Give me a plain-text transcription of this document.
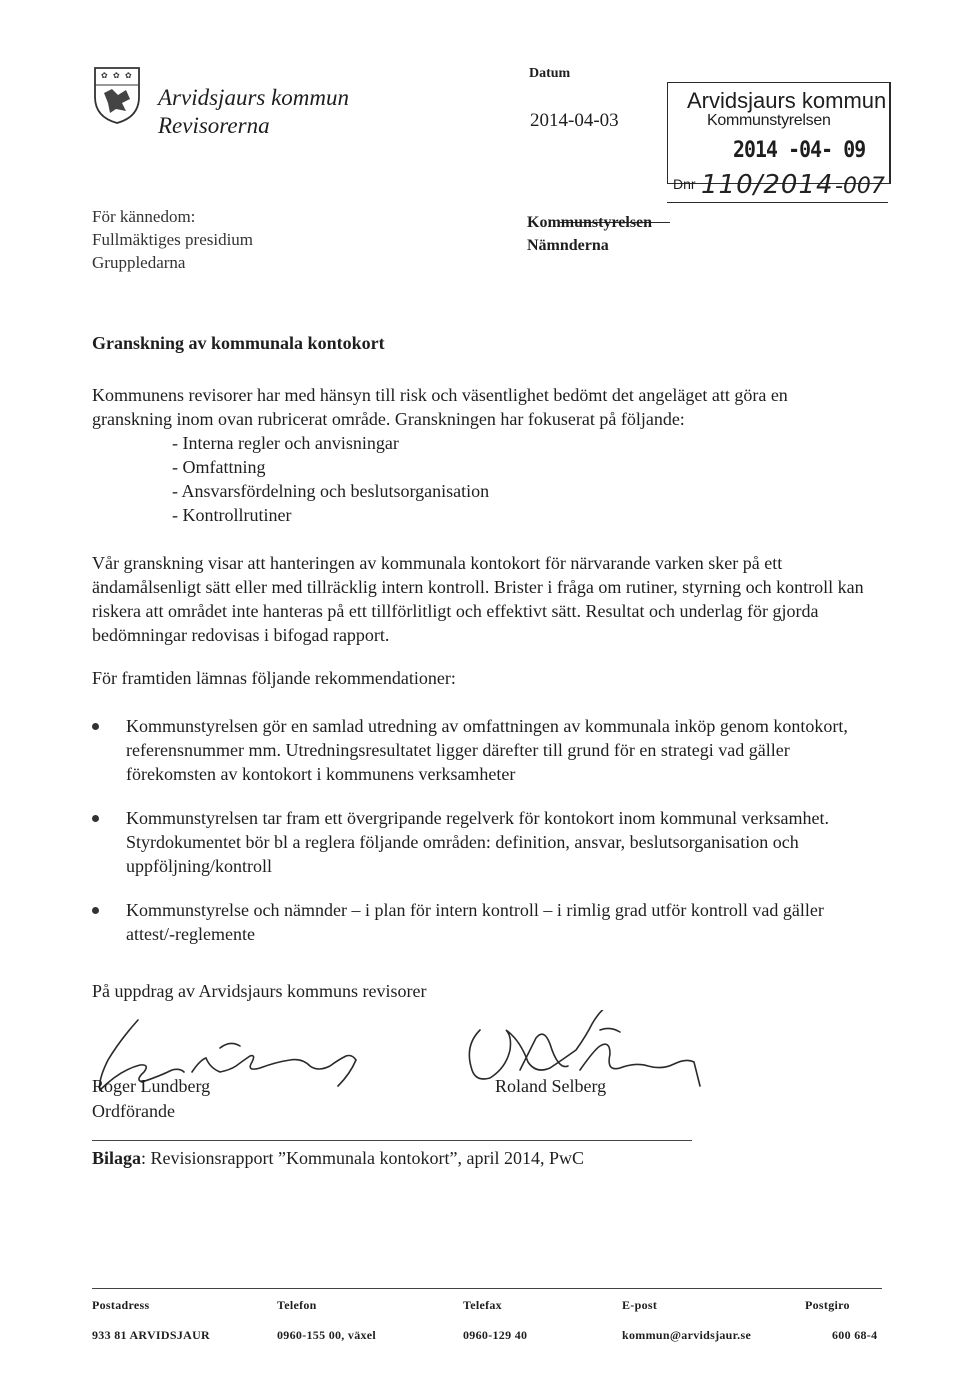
✿ ✿ ✿
Arvidsjaurs kommun
Revisorerna
Datum
2014-04-03
Arvidsjaurs kommun
Kommunstyrelsen
2014 -04- 09
Dnr 110/2014 -007
För kännedom:
Fullmäktiges presidium
Gruppledarna
Kommunstyrelsen
Nämnderna
Granskning av kommunala kontokort
Kommunens revisorer har med hänsyn till risk och väsentlighet bedömt det angeläget att göra en granskning inom ovan rubricerat område. Granskningen har fokuserat på följande:
- Interna regler och anvisningar
- Omfattning
- Ansvarsfördelning och beslutsorganisation
- Kontrollrutiner
Vår granskning visar att hanteringen av kommunala kontokort för närvarande varken sker på ett ändamålsenligt sätt eller med tillräcklig intern kontroll. Brister i fråga om rutiner, styrning och kontroll kan riskera att området inte hanteras på ett tillförlitligt och effektivt sätt. Resultat och underlag för gjorda bedömningar redovisas i bifogad rapport.
För framtiden lämnas följande rekommendationer:
Kommunstyrelsen gör en samlad utredning av omfattningen av kommunala inköp genom kontokort, referensnummer mm. Utredningsresultatet ligger därefter till grund för en strategi vad gäller förekomsten av kontokort i kommunens verksamheter
Kommunstyrelsen tar fram ett övergripande regelverk för kontokort inom kommunal verksamhet. Styrdokumentet bör bl a reglera följande områden: definition, ansvar, beslutsorganisation och uppföljning/kontroll
Kommunstyrelse och nämnder – i plan för intern kontroll – i rimlig grad utför kontroll vad gäller attest/-reglemente
På uppdrag av Arvidsjaurs kommuns revisorer
Roger Lundberg
Ordförande
Roland Selberg
Bilaga: Revisionsrapport ”Kommunala kontokort”, april 2014, PwC
Postadress	Telefon	Telefax	E-post	Postgiro
933 81 ARVIDSJAUR	0960-155 00, växel	0960-129 40	kommun@arvidsjaur.se	600 68-4
